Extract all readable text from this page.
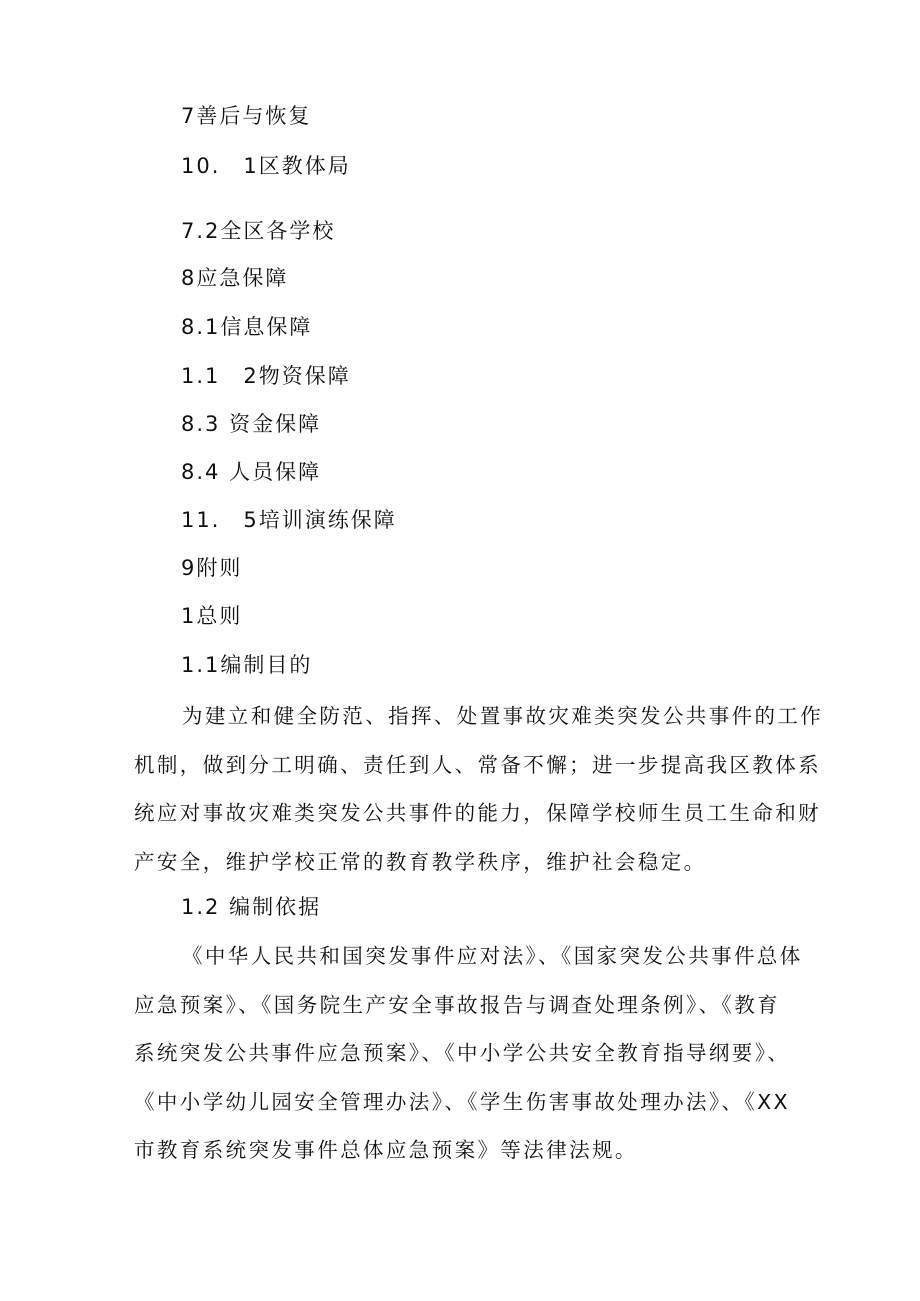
7善后与恢复
10.　1区教体局
7.2全区各学校
8应急保障
8.1信息保障
1.1　2物资保障
8.3 资金保障
8.4 人员保障
11.　5培训演练保障
9附则
1总则
1.1编制目的
为建立和健全防范、指挥、处置事故灾难类突发公共事件的工作
机制，做到分工明确、责任到人、常备不懈；进一步提高我区教体系
统应对事故灾难类突发公共事件的能力，保障学校师生员工生命和财
产安全，维护学校正常的教育教学秩序，维护社会稳定。
1.2 编制依据
《中华人民共和国突发事件应对法》、《国家突发公共事件总体
应急预案》、《国务院生产安全事故报告与调查处理条例》、《教育
系统突发公共事件应急预案》、《中小学公共安全教育指导纲要》、
《中小学幼儿园安全管理办法》、《学生伤害事故处理办法》、《XX
市教育系统突发事件总体应急预案》等法律法规。
